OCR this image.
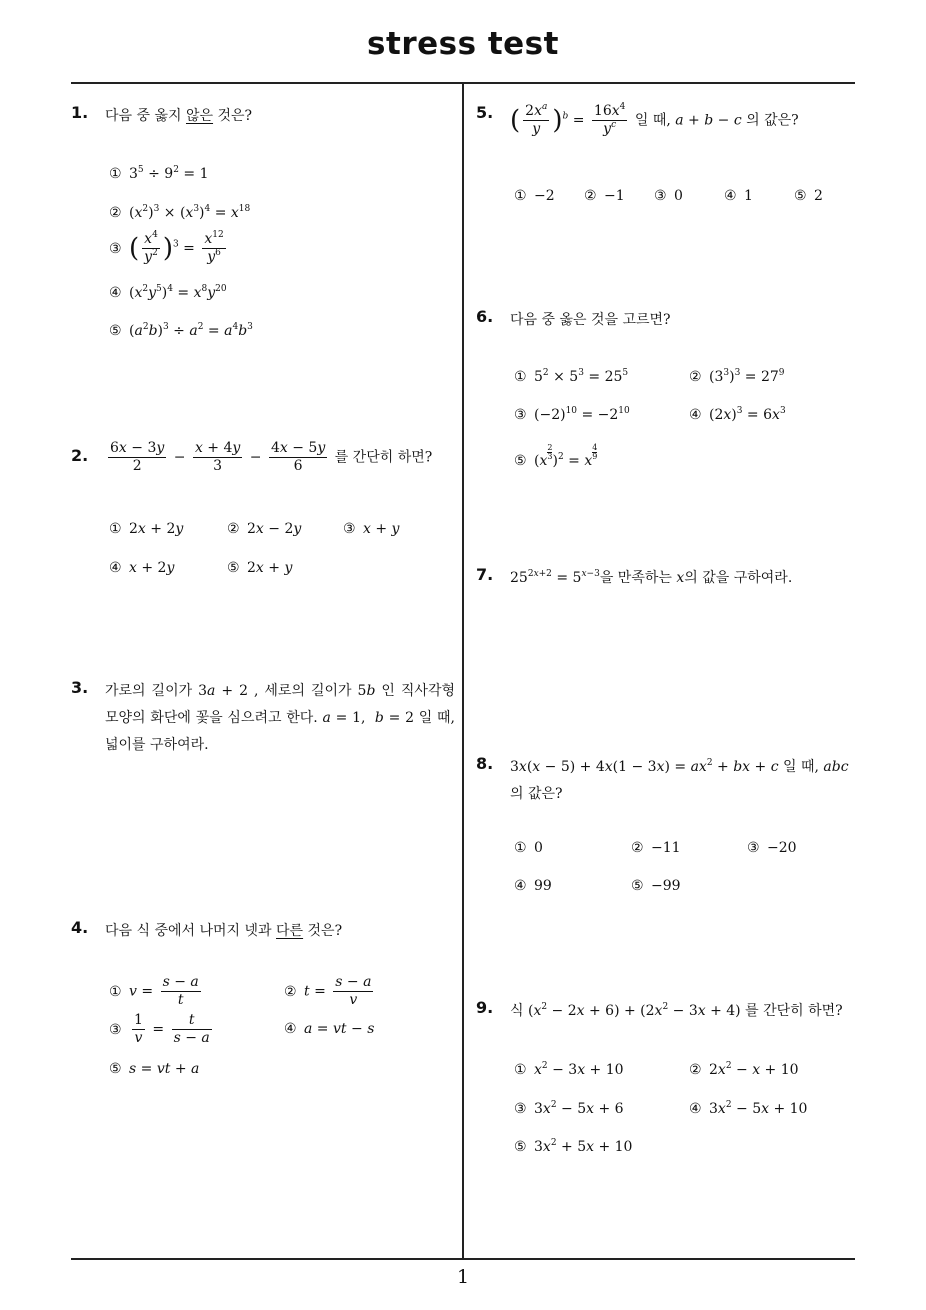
stress test
1
1. 다음 중 옳지 않은 것은?
① $3^5 \div 9^2 = 1$
② $(x^2)^3 \times (x^3)^4 = x^{18}$
③ ( $\frac{x^4}{y^2} )^3 = \frac{x^{12}}{y^6}$
④ $(x^2y^5)^4 = x^8y^{20}$
⑤ $(a^2b)^3 \div a^2 = a^4b^3$
2. $\frac{6x - 3y}{2} - \frac{x + 4y}{3} - \frac{4x - 5y}{6}$ 를 간단히 하면?
① 2x + 2y	② 2x − 2y	③ x + y
④ x + 2y	⑤ 2x + y
3. 가로의 길이가 3a + 2 , 세로의 길이가 5b 인 직사각형 모양의 화단에 꽃을 심으려고 한다. a = 1,  b = 2 일 때, 넓이를 구하여라.
4. 다음 식 중에서 나머지 넷과 다른 것은?
① $v = \frac{s - a}{t}$	② $t = \frac{s - a}{v}$
③ $\frac{1}{v} = \frac{t}{s - a}$	④ a = vt − s
⑤ s = vt + a
5. ( $\frac{2x^a}{y} )^b = \frac{16x^4}{y^c}$ 일 때, a + b − c 의 값은?
① −2 ② −1 ③ 0	④ 1	⑤ 2
6. 다음 중 옳은 것을 고르면?
① $5^2 \times 5^3 = 25^5$	② $(3^3)^3 = 27^9$
③ $(-2)^{10} = -2^{10}$	④ $(2x)^3 = 6x^3$
⑤ $(x \frac{2}{3} )^2 = x \frac{4}{9}$
7. $25^{2x+2} = 5^{x-3}$을 만족하는 x의 값을 구하여라.
8. $3x(x - 5) + 4x(1 - 3x) = ax^2$ + bx + c 일 때, abc 의 값은?
① 0	② −11	③ −20
④ 99	⑤ −99
9. 식 $(x^2 - 2x + 6) + (2x^2 - 3x + 4)$ 를 간단히 하면?
① $x^2 - 3x + 10$	② $2x^2 - x + 10$
③ $3x^2 - 5x + 6$	④ $3x^2 - 5x + 10$
⑤ $3x^2 + 5x + 10$
